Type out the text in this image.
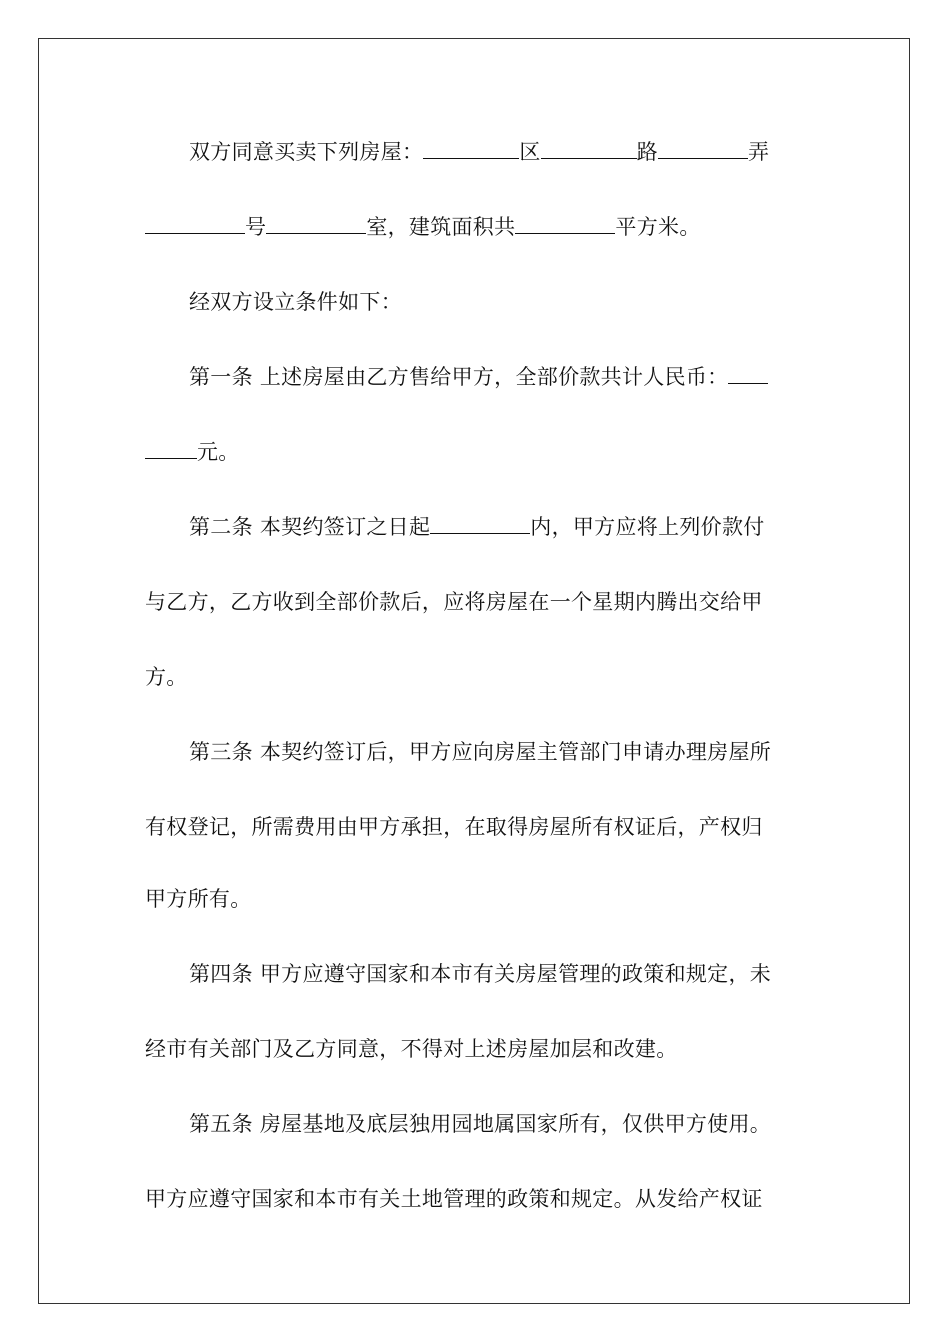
双方同意买卖下列房屋：	区	路	弄
号	室，建筑面积共	平方米。
经双方设立条件如下：
第一条 上述房屋由乙方售给甲方，全部价款共计人民币：
元。
第二条 本契约签订之日起	内，甲方应将上列价款付
与乙方，乙方收到全部价款后，应将房屋在一个星期内腾出交给甲
方。
第三条 本契约签订后，甲方应向房屋主管部门申请办理房屋所
有权登记，所需费用由甲方承担，在取得房屋所有权证后，产权归
甲方所有。
第四条 甲方应遵守国家和本市有关房屋管理的政策和规定，未
经市有关部门及乙方同意，不得对上述房屋加层和改建。
第五条 房屋基地及底层独用园地属国家所有，仅供甲方使用。
甲方应遵守国家和本市有关土地管理的政策和规定。从发给产权证
